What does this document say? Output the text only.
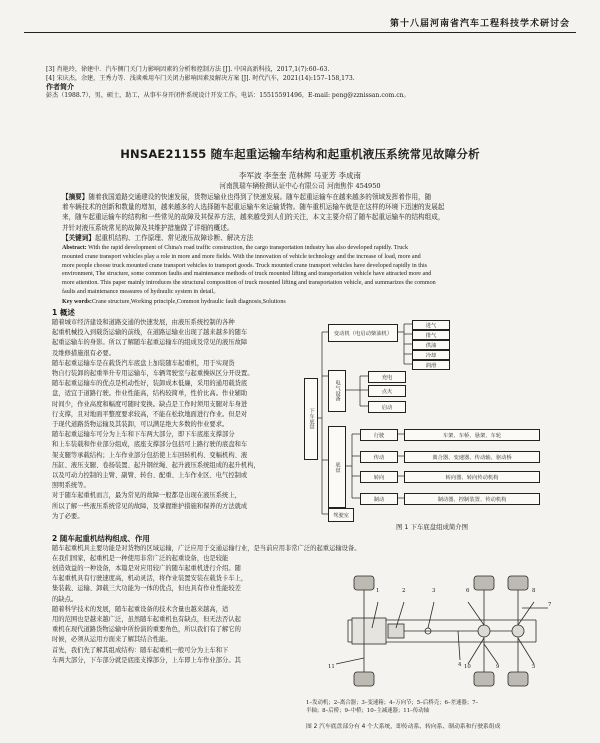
第十八届河南省汽车工程科技学术研讨会

[3] 肖艳玲，徐建中．汽车侧门关门力影响因素的分析和控制方法 [J]. 中国高新科技，2017,1(7):60–63.

[4] 宋庆杰，余建，王秀力等．浅谈乘用车门关闭力影响因素及解决方案 [J]. 时代汽车，2021(14):157–158,173.

作者简介

彭杰（1988.7），男，硕士，助工，从事车身开闭件系统设计开发工作。电话：15515591496，E-mail: peng@zznissan.com.cn。

HNSAE21155 随车起重运输车结构和起重机液压系统常见故障分析
李军波 李奎奎 范林辉 马亚芳 李成南
河南凯瑞车辆检测认证中心有限公司 河南焦作 454950

【摘要】随着我国道路交通建设的快速发展，货物运输业也得到了快速发展。随车起重运输车在越来越多的领域发挥着作用，随

着车辆技术的创新和数量的增加，越来越多的人选择随车起重运输车来运输货物。随车重机运输车就是在这样的环境下迅速的发展起

来，随车起重运输车的结构和一些常见的故障及其保养方法，越来越受到人们的关注，本文主要介绍了随车起重运输车的结构组成，

并针对液压系统常见的故障及其维护措施做了详细的概述。

【关键词】起重机结构、工作原理、常见液压故障诊断、解决方法

Abstract: With the rapid development of China's road traffic construction, the cargo transportation industry has also developed rapidly. Truck

mounted crane transport vehicles play a role in more and more fields. With the innovation of vehicle technology and the increase of load, more and

more people choose truck mounted crane transport vehicles to transport goods. Truck mounted crane transport vehicles have developed rapidly in this

environment, The structure, some common faults and maintenance methods of truck mounted lifting and transportation vehicle have attracted more and

more attention. This paper mainly introduces the structural composition of truck mounted lifting and transportation vehicle, and summarizes the common

faults and maintenance measures of hydraulic system in detail。

Key words:Crane structure,Working principle,Common hydraulic fault diagnosis,Solutions

1 概述

随着城市经济建设和道路交通的快速发展，由液压系统控制的各种

起重机械投入到载货运输的前线，在道路运输业出现了越来越多的随车

起重运输车的身影。所以了解随车起重运输车的组成及常见的液压故障

及维修措施很有必要。

随车起重运输车是在载货汽车底盘上加装随车起重机，用于实现货

物自行装卸的起重举升专用运输车，车辆驾驶室与起重操纵区分开设置。

随车起重运输车的优点是机动性好，装卸成本低廉，采用的通用载货底

盘，适宜于道路行驶。作业性能高，结构较简单，性价比高。作业辅助

时间少，作业高度和幅度可随时变换。缺点是工作时须用支腿对车身进

行支撑，且对地面平整度要求较高，不能在松软地面进行作业。但是对

于现代道路货物运输及其装卸，可以满足绝大多数的作业要求。

随车起重运输车可分为上车和下车两大部分，即下车底座支撑部分

和上车装载和作业部分组成，底座支撑部分包括可上路行驶的底盘和车

架支腿等承载结构；上车作业部分包括使上车回转机构、变幅机构、液

压缸、液压支腿、卷扬装置、起升钢丝绳、起升液压系统组成的起升机构，

以及可动力控制的主臂、副臂、转台、配重、上车作业区、电气控制或

照明系统等。

对于随车起重机而言，最为常见的故障一般都是出现在液压系统上，

所以了解一些液压系统常见的故障，及掌握维护措施和保养的方法就成

为了必要。

2 随车起重机结构组成、作用

随车起重机具主要功能是对货物的区域运输，广泛应用于交通运输行业，是当前应用非常广泛的起重运输设备。

在我们国家，起重机是一种使用非常广泛的起重设备，也是较能

创造效益的一种设备，本篇是对应用较广的随车起重机进行介绍。随

车起重机具有行驶速度高，机动灵活，将作业装置安装在载货卡车上，

集装载、运输、卸载三大功能为一体的优点，但也具有作业性能较差

的缺点。

随着科学技术的发展，随车起重设备的技术含量也越来越高，适

用的范围也是越来越广泛，虽然随车起重机也有缺点，但无法否认起

重机在现代道路货物运输中所扮演的重要角色，所以我们有了解它的

时候，必须从运用方面来了解其结合性能。

首先，我们先了解其组成结构：随车起重机一般可分为上车和下

车两大部分，下车部分就是底座支撑部分，上车即上车作业部分。其

下车底盘
变动机（电启动柴油机）
进气
排气
供油
冷却
润滑
电气设备
充电
点火
启动
底盘
行驶
传动
转向
制动
车架、车桥、悬架、车轮
离合器、变速器、传动轴、驱动桥
转向器、转向传动机构
制动器、控制装置、传动机构
驾驶室
图 1 下车底盘组成简介图
1	2	3
4	5
6
7
8
9
10
11

1–发动机；2–离合器；3–变速箱；4–万向节；5–后桥壳；6–差速器；7–

半轴；8–后桥；9–中桥；10–主减速器；11–传动轴

图 2 汽车底盘部分有 4 个大系统，即传动系、转向系、制动系和行驶系组成
